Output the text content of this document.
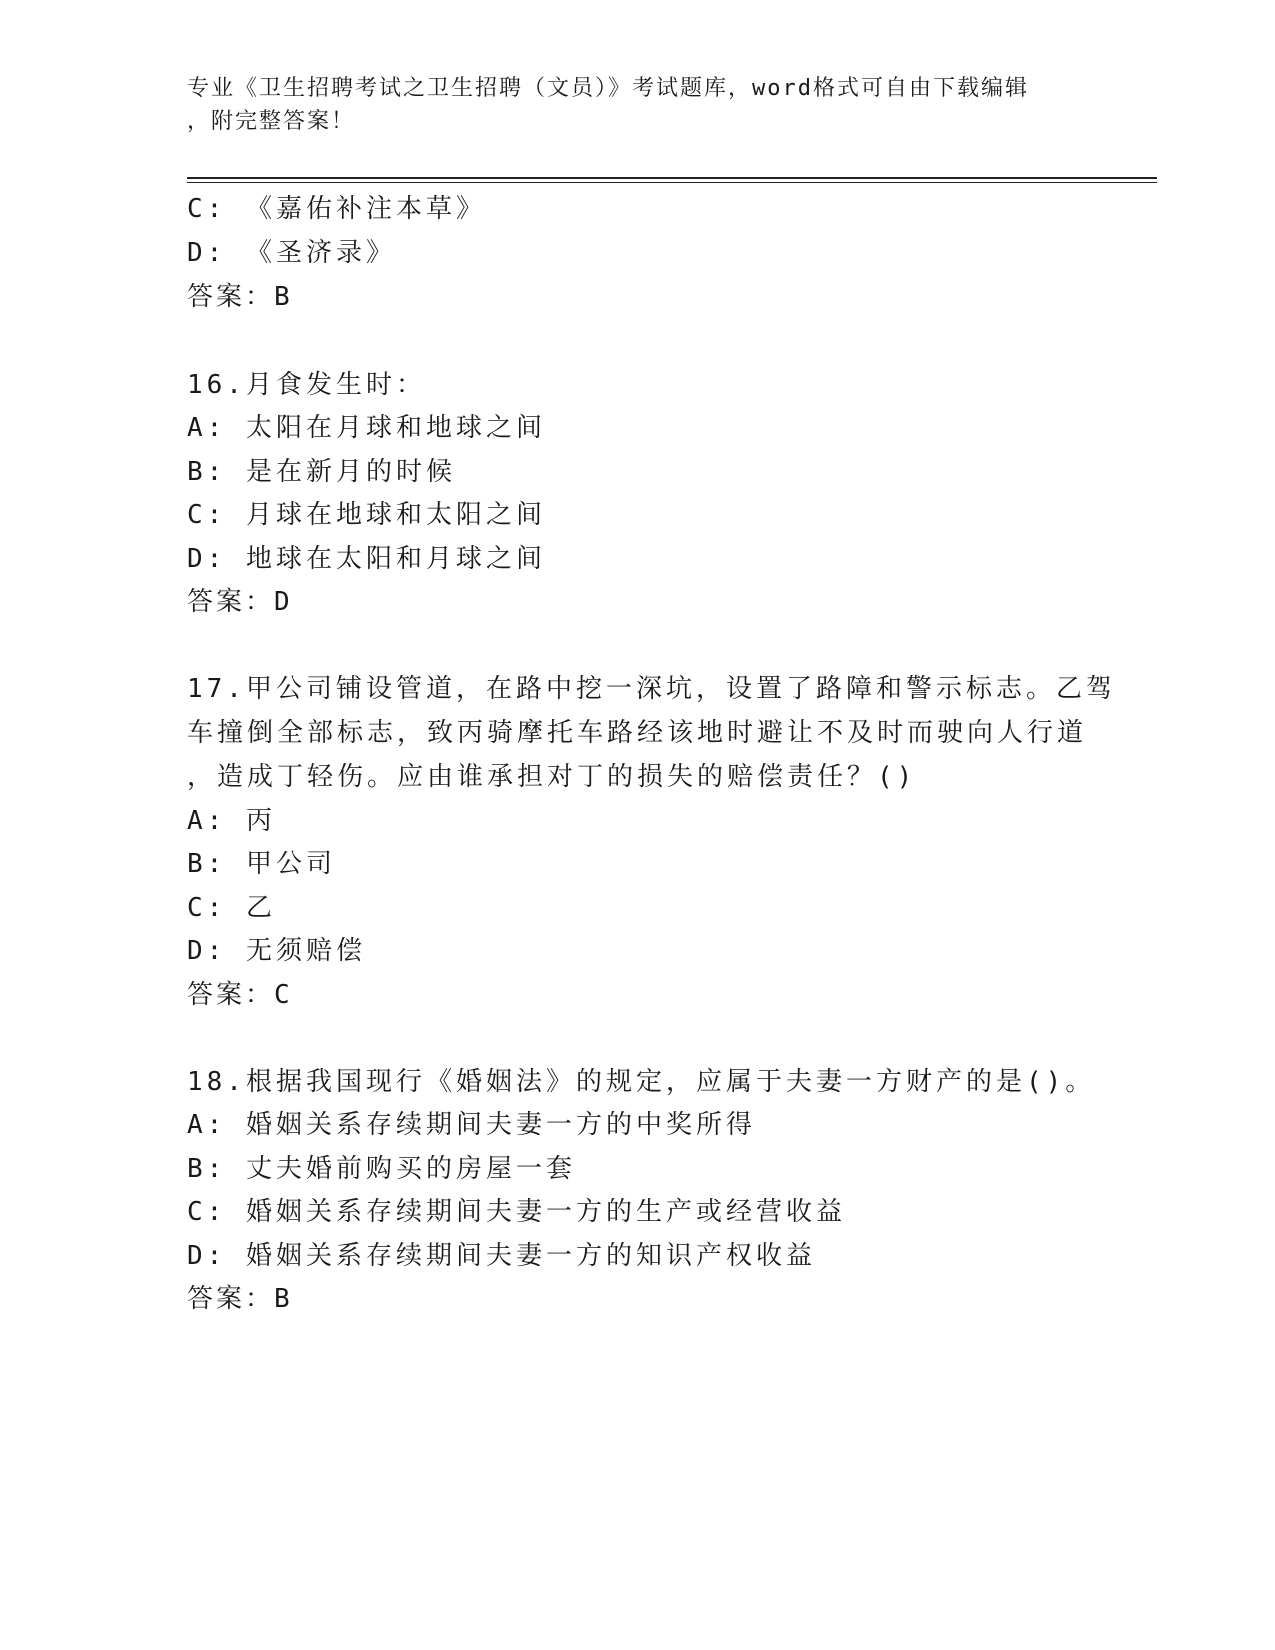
专业《卫生招聘考试之卫生招聘（文员）》考试题库，word格式可自由下载编辑
，附完整答案！
C: 《嘉佑补注本草》
D: 《圣济录》
答案：B
16.月食发生时：
A: 太阳在月球和地球之间
B: 是在新月的时候
C: 月球在地球和太阳之间
D: 地球在太阳和月球之间
答案：D
17.甲公司铺设管道，在路中挖一深坑，设置了路障和警示标志。乙驾
车撞倒全部标志，致丙骑摩托车路经该地时避让不及时而驶向人行道
，造成丁轻伤。应由谁承担对丁的损失的赔偿责任？()
A: 丙
B: 甲公司
C: 乙
D: 无须赔偿
答案：C
18.根据我国现行《婚姻法》的规定，应属于夫妻一方财产的是()。
A: 婚姻关系存续期间夫妻一方的中奖所得
B: 丈夫婚前购买的房屋一套
C: 婚姻关系存续期间夫妻一方的生产或经营收益
D: 婚姻关系存续期间夫妻一方的知识产权收益
答案：B
